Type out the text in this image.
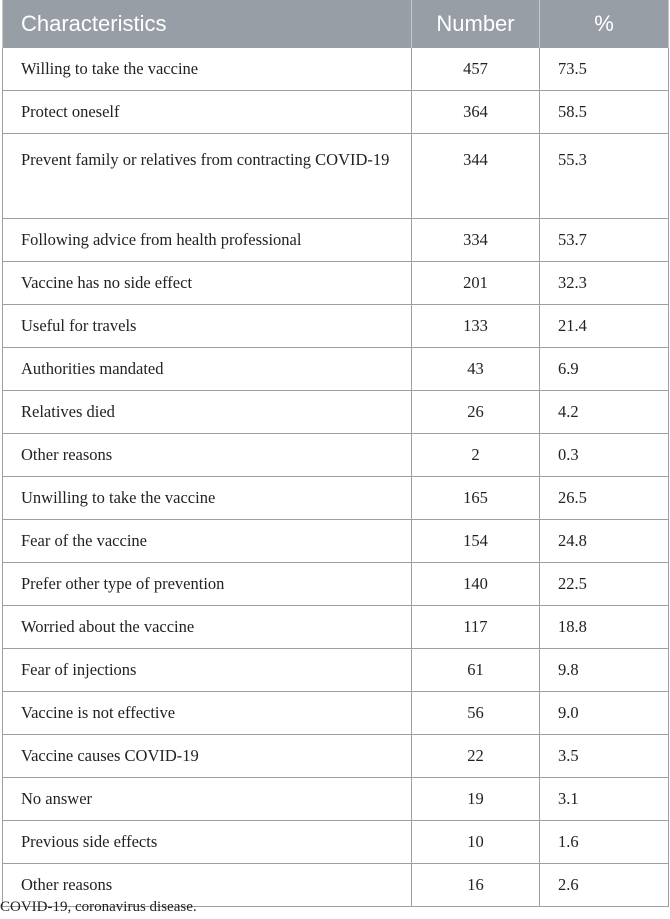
Characteristics	Number	%
Willing to take the vaccine	457	73.5
Protect oneself	364	58.5
Prevent family or relatives from contracting COVID-19	344	55.3
Following advice from health professional	334	53.7
Vaccine has no side effect	201	32.3
Useful for travels	133	21.4
Authorities mandated	43	6.9
Relatives died	26	4.2
Other reasons	2	0.3
Unwilling to take the vaccine	165	26.5
Fear of the vaccine	154	24.8
Prefer other type of prevention	140	22.5
Worried about the vaccine	117	18.8
Fear of injections	61	9.8
Vaccine is not effective	56	9.0
Vaccine causes COVID-19	22	3.5
No answer	19	3.1
Previous side effects	10	1.6
Other reasons	16	2.6
COVID-19, coronavirus disease.
